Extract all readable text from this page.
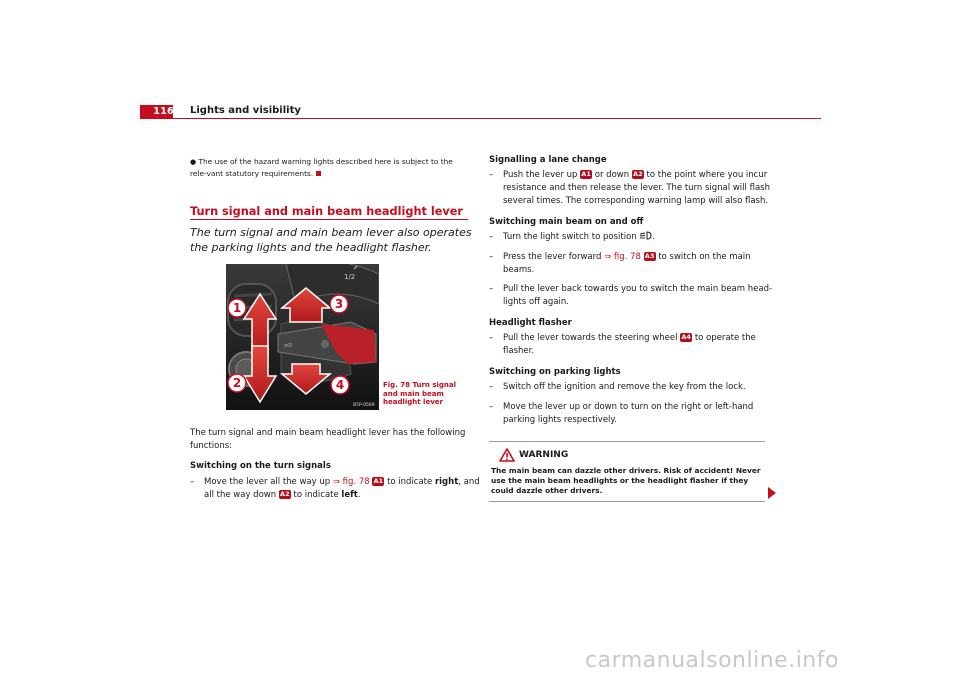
116 Lights and visibility
● The use of the hazard warning lights described here is subject to the rele-vant statutory requirements.
Turn signal and main beam headlight lever
The turn signal and main beam lever also operates the parking lights and the headlight flasher.
1/2
≡D
1
2
3
4
B5P-0569
Fig. 78 Turn signal and main beam headlight lever
The turn signal and main beam headlight lever has the following functions:
Switching on the turn signals
–	Move the lever all the way up ⇒ fig. 78 A1 to indicate right, and
all the way down A2 to indicate left.
Signalling a lane change
–	Push the lever up A1 or down A2 to the point where you incur
resistance and then release the lever. The turn signal will flash
several times. The corresponding warning lamp will also flash.
Switching main beam on and off
–	Turn the light switch to position .
–	Press the lever forward ⇒ fig. 78 A3 to switch on the main
beams.
–	Pull the lever back towards you to switch the main beam head-
lights off again.
Headlight flasher
–	Pull the lever towards the steering wheel A4 to operate the
flasher.
Switching on parking lights
–	Switch off the ignition and remove the key from the lock.
–	Move the lever up or down to turn on the right or left-hand
parking lights respectively.
WARNING
The main beam can dazzle other drivers. Risk of accident! Never use the main beam headlights or the headlight flasher if they could dazzle other drivers.
carmanualsonline.info
